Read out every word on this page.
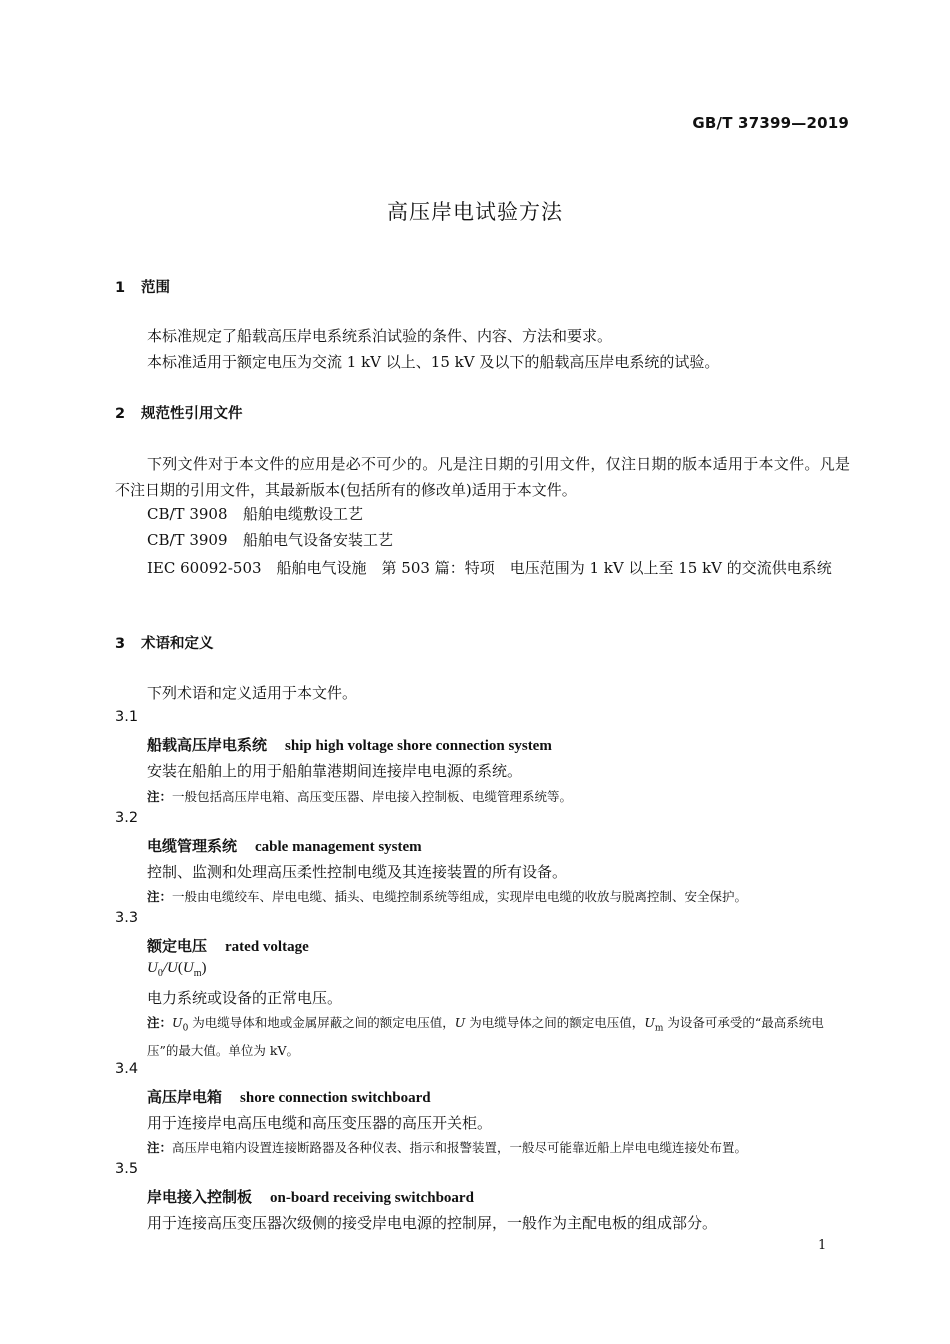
GB/T 37399—2019
高压岸电试验方法
1 范围
本标准规定了船载高压岸电系统系泊试验的条件、内容、方法和要求。
本标准适用于额定电压为交流 1 kV 以上、15 kV 及以下的船载高压岸电系统的试验。
2 规范性引用文件
下列文件对于本文件的应用是必不可少的。凡是注日期的引用文件，仅注日期的版本适用于本文件。凡是不注日期的引用文件，其最新版本(包括所有的修改单)适用于本文件。
CB/T 3908 船舶电缆敷设工艺
CB/T 3909 船舶电气设备安装工艺
IEC 60092-503　船舶电气设施　第 503 篇：特项　电压范围为 1 kV 以上至 15 kV 的交流供电系统
3 术语和定义
下列术语和定义适用于本文件。
3.1
船载高压岸电系统 ship high voltage shore connection system
安装在船舶上的用于船舶靠港期间连接岸电电源的系统。
注：一般包括高压岸电箱、高压变压器、岸电接入控制板、电缆管理系统等。
3.2
电缆管理系统 cable management system
控制、监测和处理高压柔性控制电缆及其连接装置的所有设备。
注：一般由电缆绞车、岸电电缆、插头、电缆控制系统等组成，实现岸电电缆的收放与脱离控制、安全保护。
3.3
额定电压 rated voltage
$U_0/U(U_m)$
电力系统或设备的正常电压。
注：$U_0$ 为电缆导体和地或金属屏蔽之间的额定电压值，U 为电缆导体之间的额定电压值，$U_m$ 为设备可承受的“最高系统电压”的最大值。单位为 kV。
3.4
高压岸电箱 shore connection switchboard
用于连接岸电高压电缆和高压变压器的高压开关柜。
注：高压岸电箱内设置连接断路器及各种仪表、指示和报警装置，一般尽可能靠近船上岸电电缆连接处布置。
3.5
岸电接入控制板 on-board receiving switchboard
用于连接高压变压器次级侧的接受岸电电源的控制屏，一般作为主配电板的组成部分。
1
